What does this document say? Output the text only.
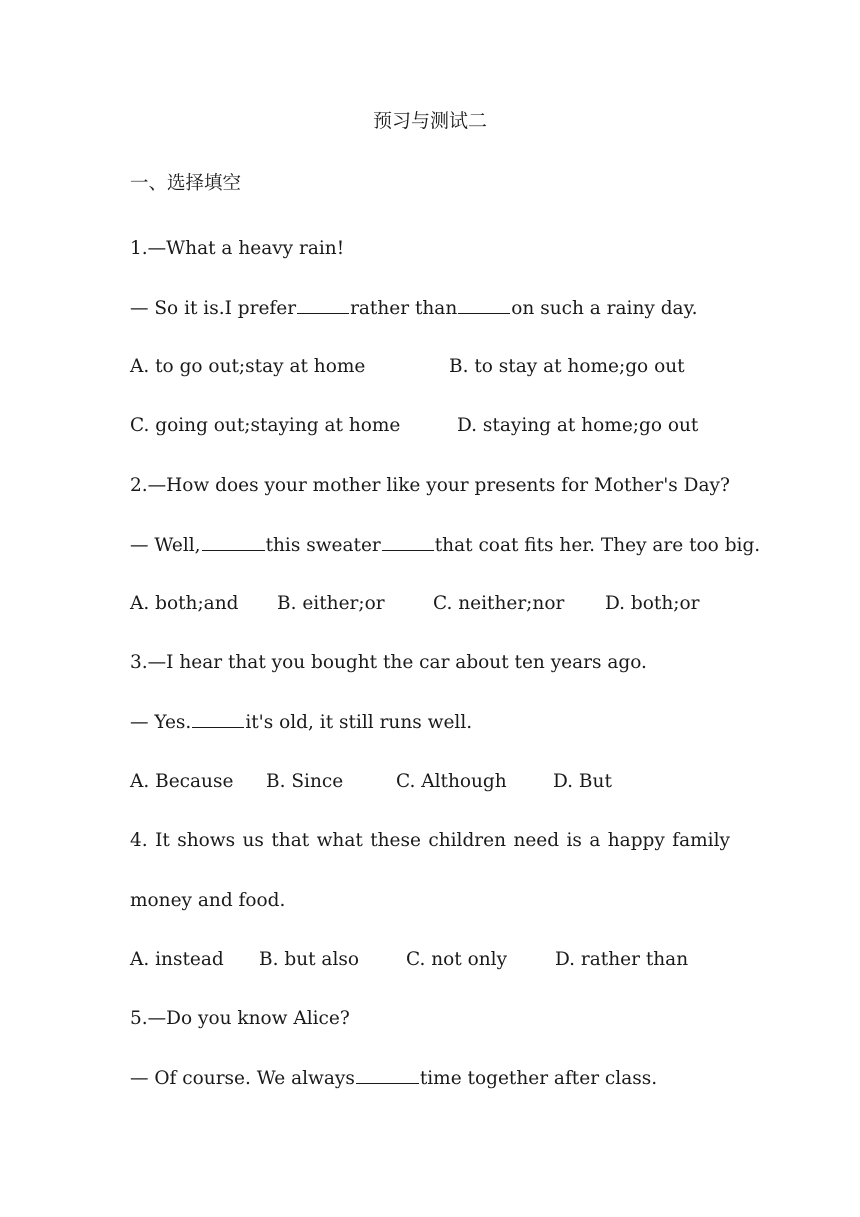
预习与测试二
一、选择填空
1.—What a heavy rain!
— So it is.I prefer	rather than	on such a rainy day.
A. to go out;stay at home	B. to stay at home;go out
C. going out;staying at home	D. staying at home;go out
2.—How does your mother like your presents for Mother's Day?
— Well,	this sweater	that coat fits her. They are too big.
A. both;and B. either;or	C. neither;nor D. both;or
3.—I hear that you bought the car about ten years ago.
— Yes.	it's old, it still runs well.
A. Because B. Since	C. Although	D. But
4. It shows us that what these children need is a happy family
money and food.
A. instead B. but also	C. not only	D. rather than
5.—Do you know Alice?
— Of course. We always	time together after class.
